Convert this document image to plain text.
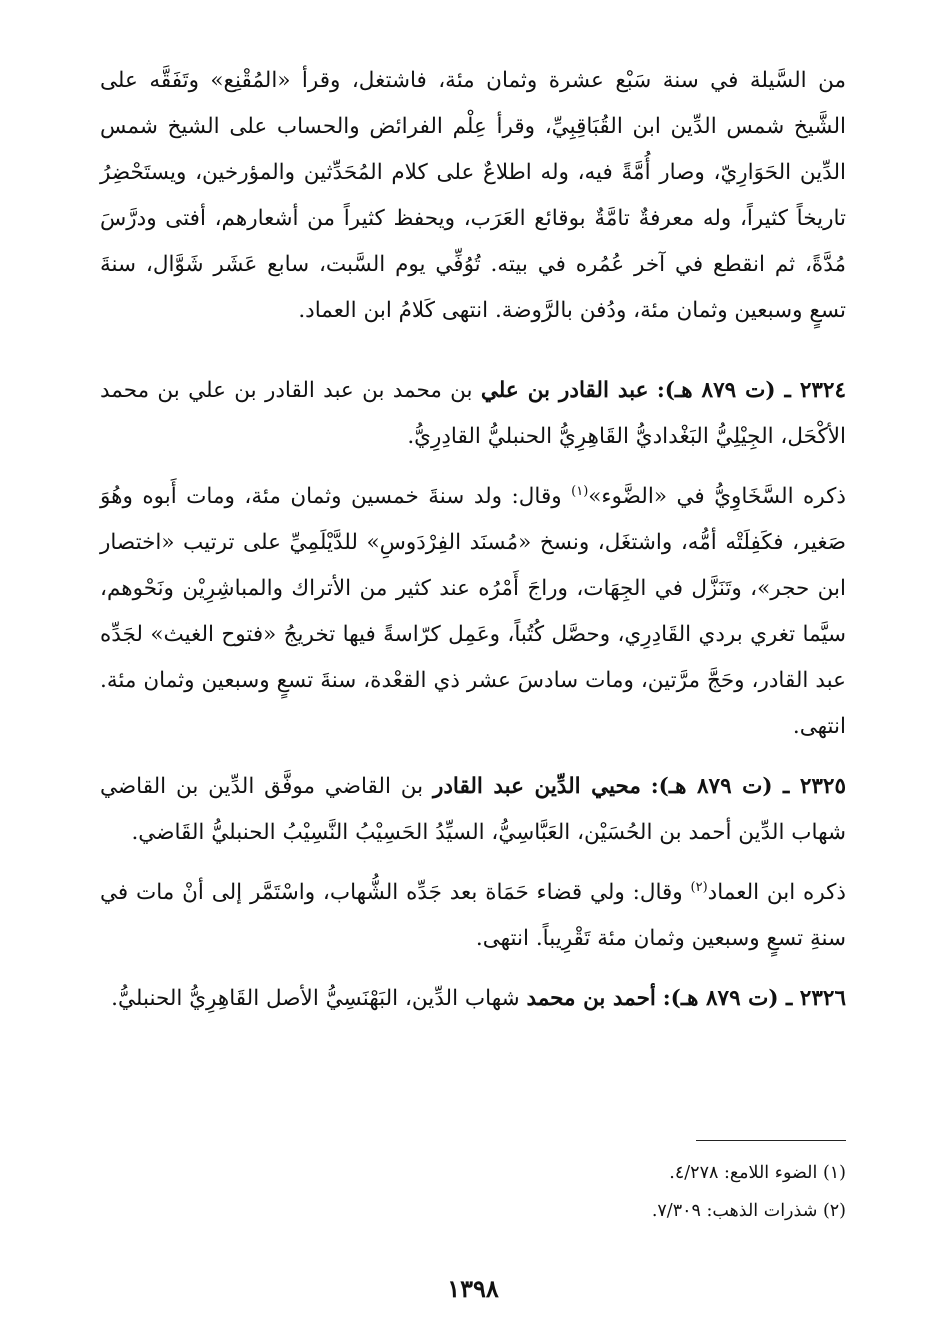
من السَّيلة في سنة سَبْع عشرة وثمان مئة، فاشتغل، وقرأ «المُقْنِع» وتَفَقَّه على الشَّيخ شمس الدِّين ابن القُبَاقِبِيِّ، وقرأ عِلْم الفرائض والحساب على الشيخ شمس الدِّين الحَوَارِيّ، وصار أُمَّةً فيه، وله اطلاعٌ على كلام المُحَدِّثين والمؤرخين، ويستَحْضِرُ تاريخاً كثيراً، وله معرفةٌ تامَّةٌ بوقائع العَرَب، ويحفظ كثيراً من أشعارهم، أفتى ودرَّسَ مُدَّةً، ثم انقطع في آخر عُمُره في بيته. تُوُفِّي يوم السَّبت، سابع عَشَر شَوَّال، سنةَ تسعٍ وسبعين وثمان مئة، ودُفن بالرَّوضة. انتهى كَلامُ ابن العماد.

٢٣٢٤ ـ (ت ٨٧٩ هـ): عبد القادر بن علي بن محمد بن عبد القادر بن علي بن محمد الأكْحَل، الجِيْلِيُّ البَغْداديُّ القَاهِرِيُّ الحنبليُّ القادِرِيُّ.

ذكره السَّخَاوِيُّ في «الضَّوء»$^{(١)}$ وقال: ولد سنةَ خمسين وثمان مئة، ومات أَبوه وهُوَ صَغير، فكَفِلَتْه أمُّه، واشتغَل، ونسخ «مُسنَد الفِرْدَوسِ» للدَّيْلَمِيِّ على ترتيب «اختصار ابن حجر»، وتَنَزَّل في الجِهَات، وراجَ أَمْرُه عند كثير من الأتراك والمباشِرِيْن ونَحْوهم، سيَّما تغري بردي القَادِرِي، وحصَّل كُتُباً، وعَمِل كرّاسةً فيها تخريجُ «فتوح الغيث» لجَدِّه عبد القادر، وحَجَّ مرَّتين، ومات سادسَ عشر ذي القعْدة، سنةَ تسعٍ وسبعين وثمان مئة. انتهى.

٢٣٢٥ ـ (ت ٨٧٩ هـ): محيي الدِّين عبد القادر بن القاضي موفَّق الدِّين بن القاضي شهاب الدِّين أحمد بن الحُسَيْن، العَبَّاسِيُّ، السيِّدُ الحَسِيْبُ النَّسِيْبُ الحنبليُّ القَاضي.

ذكره ابن العماد$^{(٢)}$ وقال: ولي قضاء حَمَاة بعد جَدِّه الشُّهاب، واسْتَمَّر إلى أنْ مات في سنةِ تسعٍ وسبعين وثمان مئة تَقْرِيباً. انتهى.

٢٣٢٦ ـ (ت ٨٧٩ هـ): أحمد بن محمد شهاب الدِّين، البَهْنَسِيُّ الأصل القَاهِرِيُّ الحنبليُّ.

(١) الضوء اللامع: ٤/٢٧٨.

(٢) شذرات الذهب: ٧/٣٠٩.

١٣٩٨
